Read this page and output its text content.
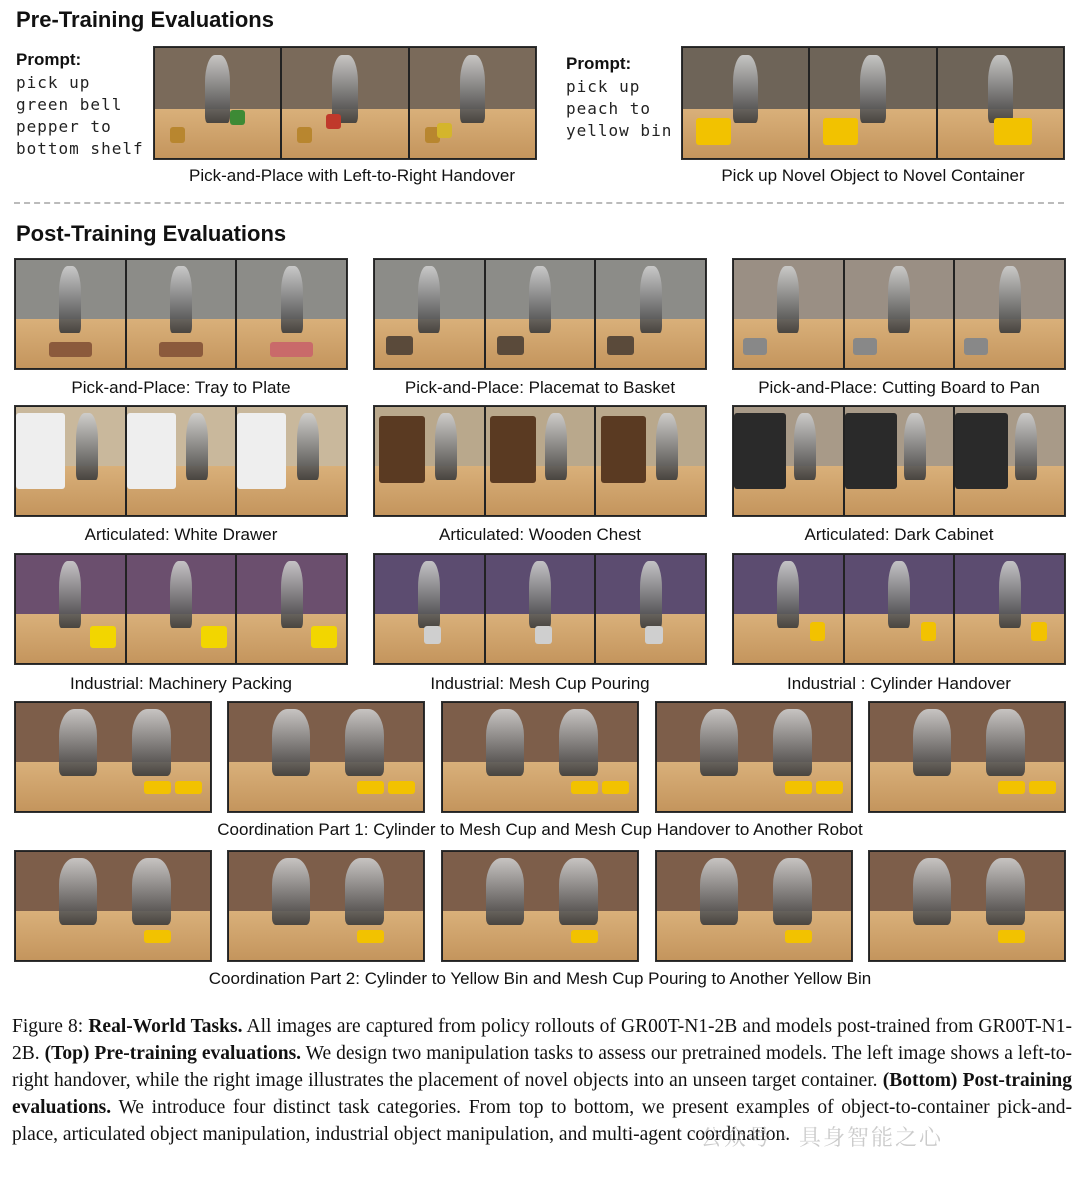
Pre-Training Evaluations
Prompt:
pick up
green bell
pepper to
bottom shelf
Pick-and-Place with Left-to-Right Handover
Prompt:
pick up
peach to
yellow bin
Pick up Novel Object to Novel Container
Post-Training Evaluations
Pick-and-Place: Tray to Plate	Pick-and-Place: Placemat to Basket	Pick-and-Place: Cutting Board to Pan
Articulated: White Drawer	Articulated: Wooden Chest	Articulated: Dark Cabinet
Industrial: Machinery Packing	Industrial: Mesh Cup Pouring	Industrial : Cylinder Handover
Coordination Part 1: Cylinder to Mesh Cup and Mesh Cup Handover to Another Robot
Coordination Part 2: Cylinder to Yellow Bin and Mesh Cup Pouring to Another Yellow Bin
Figure 8: Real-World Tasks. All images are captured from policy rollouts of GR00T-N1-2B and models post-trained from GR00T-N1-2B. (Top) Pre-training evaluations. We design two manipulation tasks to assess our pretrained models. The left image shows a left-to-right handover, while the right image illustrates the placement of novel objects into an unseen target container. (Bottom) Post-training evaluations. We introduce four distinct task categories. From top to bottom, we present examples of object-to-container pick-and-place, articulated object manipulation, industrial object manipulation, and multi-agent coordination.
公众号 · 具身智能之心
